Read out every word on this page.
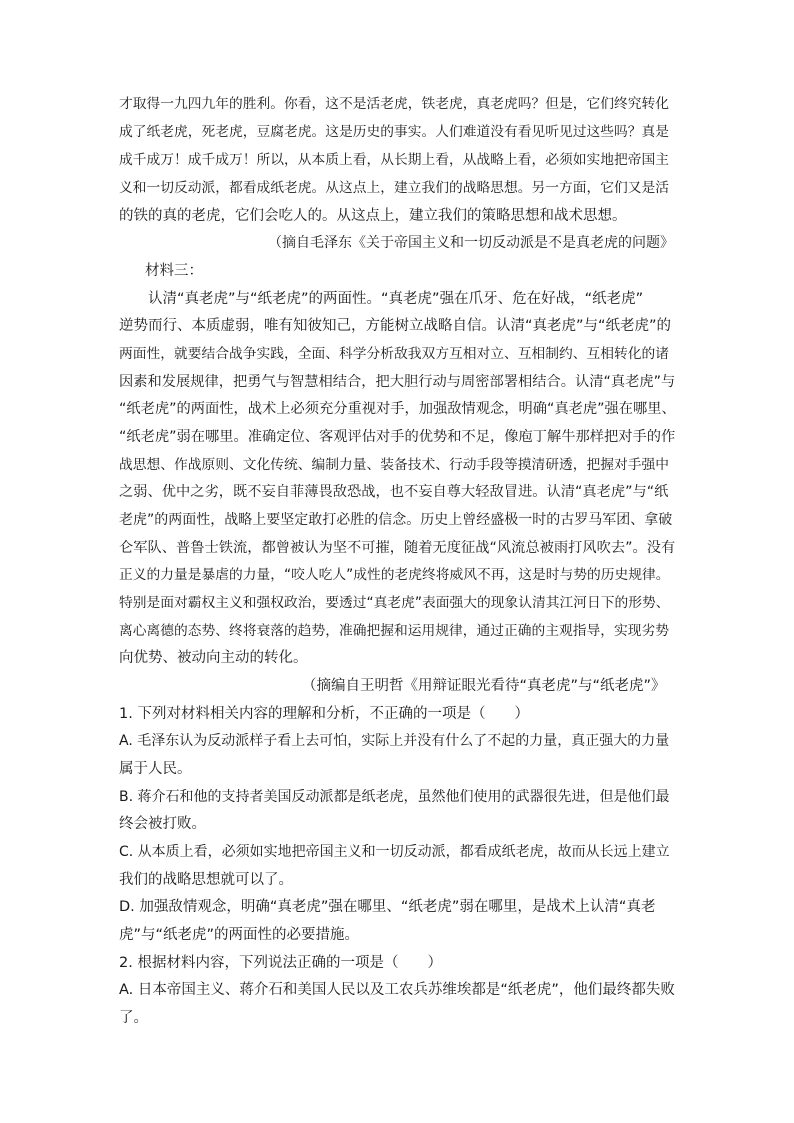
才取得一九四九年的胜利。你看，这不是活老虎，铁老虎，真老虎吗？但是，它们终究转化
成了纸老虎，死老虎，豆腐老虎。这是历史的事实。人们难道没有看见听见过这些吗？真是
成千成万！成千成万！所以，从本质上看，从长期上看，从战略上看，必须如实地把帝国主
义和一切反动派，都看成纸老虎。从这点上，建立我们的战略思想。另一方面，它们又是活
的铁的真的老虎，它们会吃人的。从这点上，建立我们的策略思想和战术思想。
（摘自毛泽东《关于帝国主义和一切反动派是不是真老虎的问题》
材料三：
认清“真老虎”与“纸老虎”的两面性。“真老虎”强在爪牙、危在好战，“纸老虎”
逆势而行、本质虚弱，唯有知彼知己，方能树立战略自信。认清“真老虎”与“纸老虎”的
两面性，就要结合战争实践，全面、科学分析敌我双方互相对立、互相制约、互相转化的诸
因素和发展规律，把勇气与智慧相结合，把大胆行动与周密部署相结合。认清“真老虎”与
“纸老虎”的两面性，战术上必须充分重视对手，加强敌情观念，明确“真老虎”强在哪里、
“纸老虎”弱在哪里。准确定位、客观评估对手的优势和不足，像庖丁解牛那样把对手的作
战思想、作战原则、文化传统、编制力量、装备技术、行动手段等摸清研透，把握对手强中
之弱、优中之劣，既不妄自菲薄畏敌恐战，也不妄自尊大轻敌冒进。认清“真老虎”与“纸
老虎”的两面性，战略上要坚定敢打必胜的信念。历史上曾经盛极一时的古罗马军团、拿破
仑军队、普鲁士铁流，都曾被认为坚不可摧，随着无度征战“风流总被雨打风吹去”。没有
正义的力量是暴虐的力量，“咬人吃人”成性的老虎终将威风不再，这是时与势的历史规律。
特别是面对霸权主义和强权政治，要透过“真老虎”表面强大的现象认清其江河日下的形势、
离心离德的态势、终将衰落的趋势，准确把握和运用规律，通过正确的主观指导，实现劣势
向优势、被动向主动的转化。
（摘编自王明哲《用辩证眼光看待“真老虎”与“纸老虎”》
1. 下列对材料相关内容的理解和分析，不正确的一项是（　　）
A. 毛泽东认为反动派样子看上去可怕，实际上并没有什么了不起的力量，真正强大的力量
属于人民。
B. 蒋介石和他的支持者美国反动派都是纸老虎，虽然他们使用的武器很先进，但是他们最
终会被打败。
C. 从本质上看，必须如实地把帝国主义和一切反动派，都看成纸老虎，故而从长远上建立
我们的战略思想就可以了。
D. 加强敌情观念，明确“真老虎”强在哪里、“纸老虎”弱在哪里，是战术上认清“真老
虎”与“纸老虎”的两面性的必要措施。
2. 根据材料内容，下列说法正确的一项是（　　）
A. 日本帝国主义、蒋介石和美国人民以及工农兵苏维埃都是“纸老虎”，他们最终都失败
了。
